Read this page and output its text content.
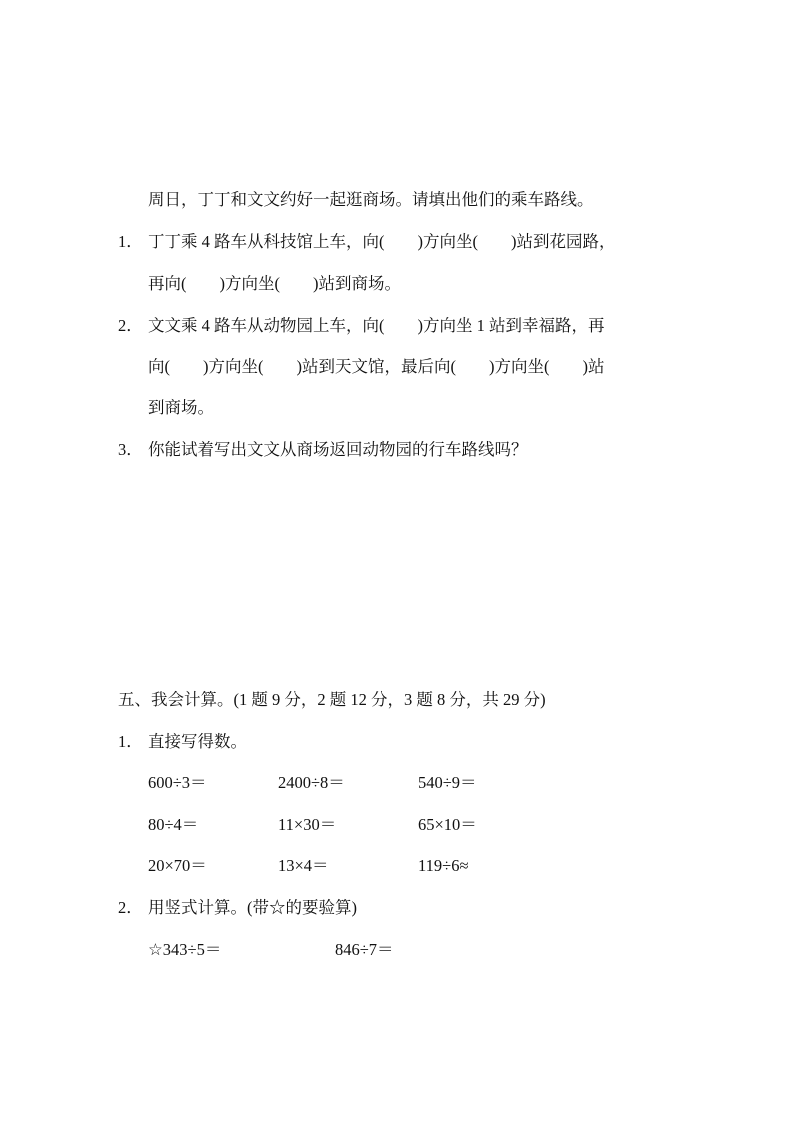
周日，丁丁和文文约好一起逛商场。请填出他们的乘车路线。
1． 丁丁乘 4 路车从科技馆上车，向(　　)方向坐(　　)站到花园路，
再向(　　)方向坐(　　)站到商场。
2． 文文乘 4 路车从动物园上车，向(　　)方向坐 1 站到幸福路，再
向(　　)方向坐(　　)站到天文馆，最后向(　　)方向坐(　　)站
到商场。
3． 你能试着写出文文从商场返回动物园的行车路线吗？
五、我会计算。(1 题 9 分，2 题 12 分，3 题 8 分，共 29 分)
1． 直接写得数。
600÷3＝	2400÷8＝	540÷9＝
80÷4＝	11×30＝	65×10＝
20×70＝	13×4＝	119÷6≈
2． 用竖式计算。(带☆的要验算)
☆343÷5＝	846÷7＝
